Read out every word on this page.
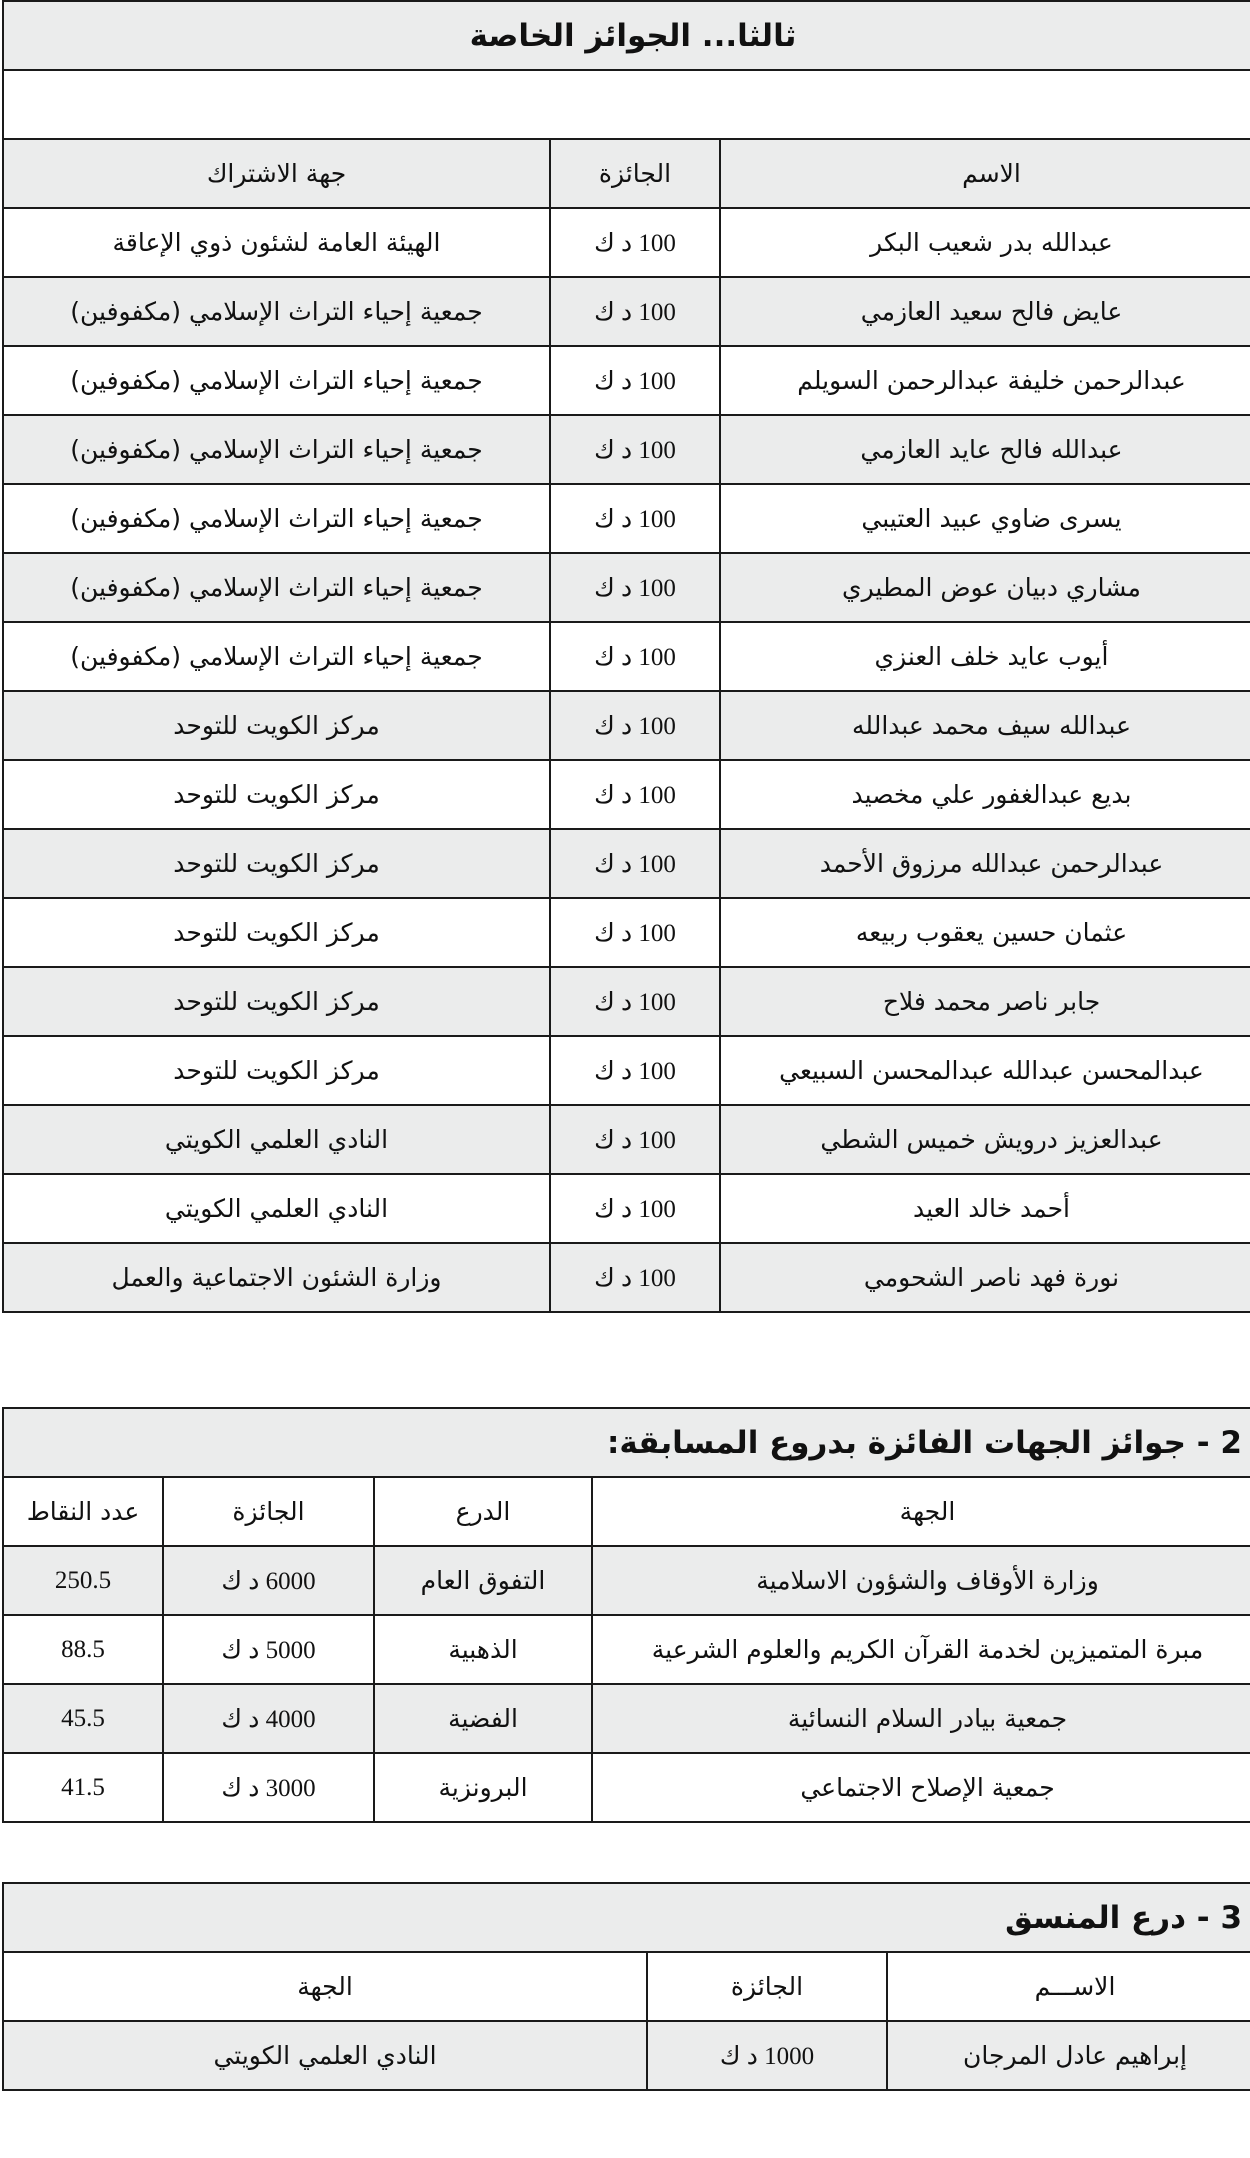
ثالثا... الجوائز الخاصة		

الاسم	الجائزة	جهة الاشتراك
عبدالله بدر شعيب البكر	100 د ك	الهيئة العامة لشئون ذوي الإعاقة
عايض فالح سعيد العازمي	100 د ك	جمعية إحياء التراث الإسلامي (مكفوفين)
عبدالرحمن خليفة عبدالرحمن السويلم	100 د ك	جمعية إحياء التراث الإسلامي (مكفوفين)
عبدالله فالح عايد العازمي	100 د ك	جمعية إحياء التراث الإسلامي (مكفوفين)
يسرى ضاوي عبيد العتيبي	100 د ك	جمعية إحياء التراث الإسلامي (مكفوفين)
مشاري دبيان عوض المطيري	100 د ك	جمعية إحياء التراث الإسلامي (مكفوفين)
أيوب عايد خلف العنزي	100 د ك	جمعية إحياء التراث الإسلامي (مكفوفين)
عبدالله سيف محمد عبدالله	100 د ك	مركز الكويت للتوحد
بديع عبدالغفور علي مخصيد	100 د ك	مركز الكويت للتوحد
عبدالرحمن عبدالله مرزوق الأحمد	100 د ك	مركز الكويت للتوحد
عثمان حسين يعقوب ربيعه	100 د ك	مركز الكويت للتوحد
جابر ناصر محمد فلاح	100 د ك	مركز الكويت للتوحد
عبدالمحسن عبدالله عبدالمحسن السبيعي	100 د ك	مركز الكويت للتوحد
عبدالعزيز درويش خميس الشطي	100 د ك	النادي العلمي الكويتي
أحمد خالد العيد	100 د ك	النادي العلمي الكويتي
نورة فهد ناصر الشحومي	100 د ك	وزارة الشئون الاجتماعية والعمل
2 - جوائز الجهات الفائزة بدروع المسابقة:			
الجهة	الدرع	الجائزة	عدد النقاط
وزارة الأوقاف والشؤون الاسلامية	التفوق العام	6000 د ك	250.5
مبرة المتميزين لخدمة القرآن الكريم والعلوم الشرعية	الذهبية	5000 د ك	88.5
جمعية بيادر السلام النسائية	الفضية	4000 د ك	45.5
جمعية الإصلاح الاجتماعي	البرونزية	3000 د ك	41.5
3 - درع المنسق		
الاســـم	الجائزة	الجهة
إبراهيم عادل المرجان	1000 د ك	النادي العلمي الكويتي
